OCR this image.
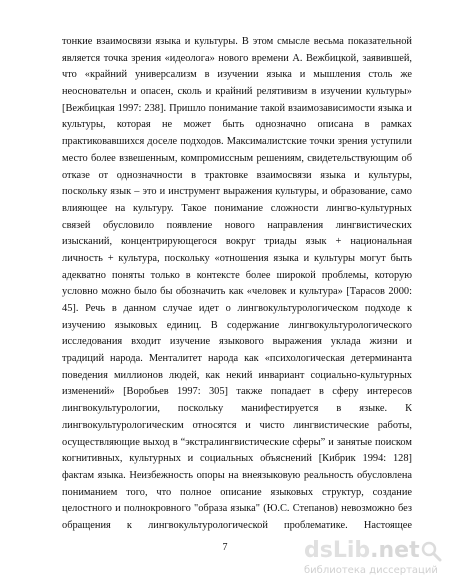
тонкие взаимосвязи языка и культуры. В этом смысле весьма показательной
является точка зрения «идеолога» нового времени А. Вежбицкой, заявившей,
что «крайний универсализм в изучении языка и мышления столь же
неосновательн и опасен, сколь и крайний релятивизм в изучении культуры»
[Вежбицкая 1997: 238]. Пришло понимание такой взаимозависимости языка и
культуры, которая не может быть однозначно описана в рамках
практиковавшихся доселе подходов. Максималистские точки зрения уступили
место более взвешенным, компромиссным решениям, свидетельствующим об
отказе от однозначности в трактовке взаимосвязи языка и культуры,
поскольку язык – это и инструмент выражения культуры, и образование, само
влияющее на культуру. Такое понимание сложности лингво-культурных
связей обусловило появление нового направления лингвистических
изысканий, концентрирующегося вокруг триады язык + национальная
личность + культура, поскольку «отношения языка и культуры могут быть
адекватно поняты только в контексте более широкой проблемы, которую
условно можно было бы обозначить как «человек и культура» [Тарасов 2000:
45]. Речь в данном случае идет о лингвокультурологическом подходе к
изучению языковых единиц. В содержание лингвокультурологического
исследования входит изучение языкового выражения уклада жизни и
традиций народа. Менталитет народа как «психологическая детерминанта
поведения миллионов людей, как некий инвариант социально-культурных
изменений» [Воробьев 1997: 305] также попадает в сферу интересов
лингвокультурологии, поскольку манифестируется в языке. К
лингвокультурологическим относятся и чисто лингвистические работы,
осуществляющие выход в “экстралингвистические сферы” и занятые поиском
когнитивных, культурных и социальных объяснений [Кибрик 1994: 128]
фактам языка. Неизбежность опоры на внеязыковую реальность обусловлена
пониманием того, что полное описание языковых структур, создание
целостного и полнокровного "образа языка" (Ю.С. Степанов) невозможно без
обращения к лингвокультурологической проблематике. Настоящее
7	dsLib.net
библиотека диссертаций
